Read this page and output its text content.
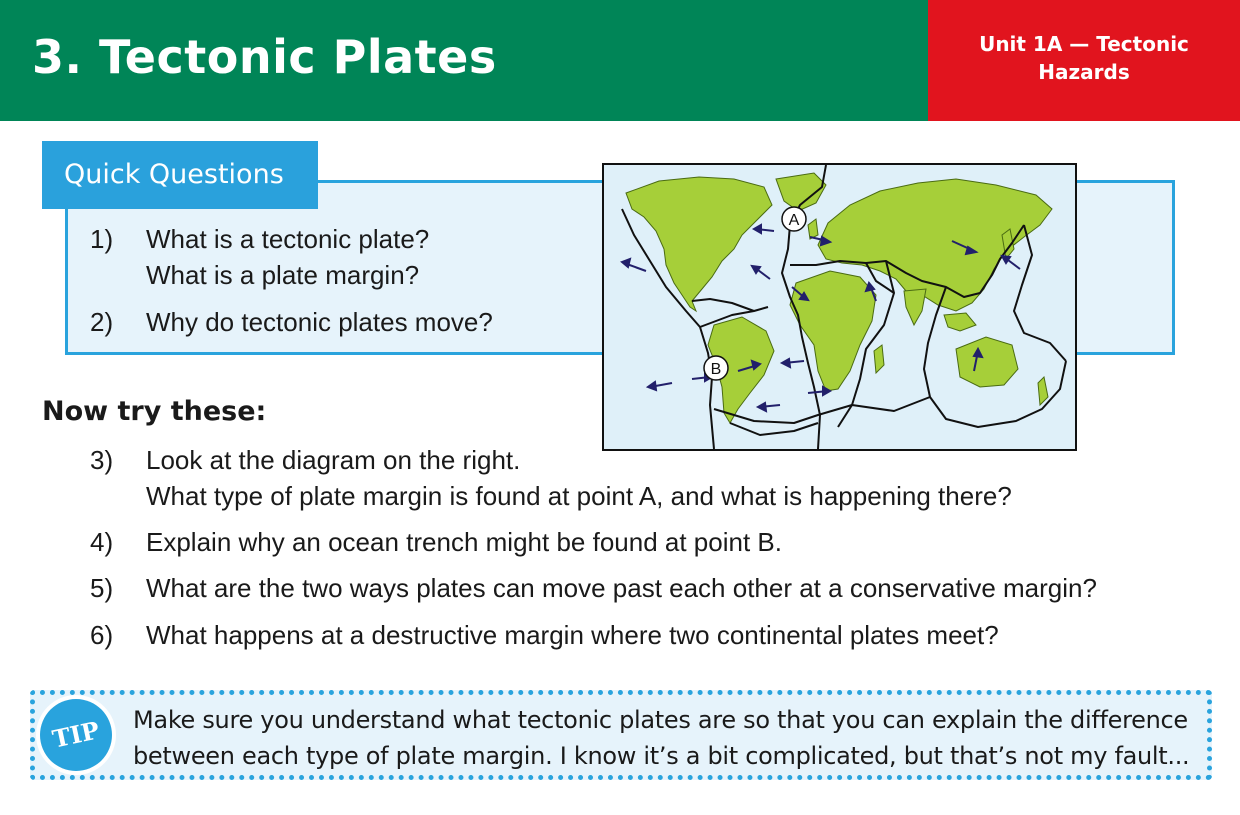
3. Tectonic Plates	Unit 1A — Tectonic
Hazards
Quick Questions
1)	What is a tectonic plate?
What is a plate margin?
2)	Why do tectonic plates move?
A
B
Now try these:
3)	Look at the diagram on the right.
What type of plate margin is found at point A, and what is happening there?
4)	Explain why an ocean trench might be found at point B.
5)	What are the two ways plates can move past each other at a conservative margin?
6)	What happens at a destructive margin where two continental plates meet?
TIP Make sure you understand what tectonic plates are so that you can explain the difference
between each type of plate margin. I know it’s a bit complicated, but that’s not my fault...
